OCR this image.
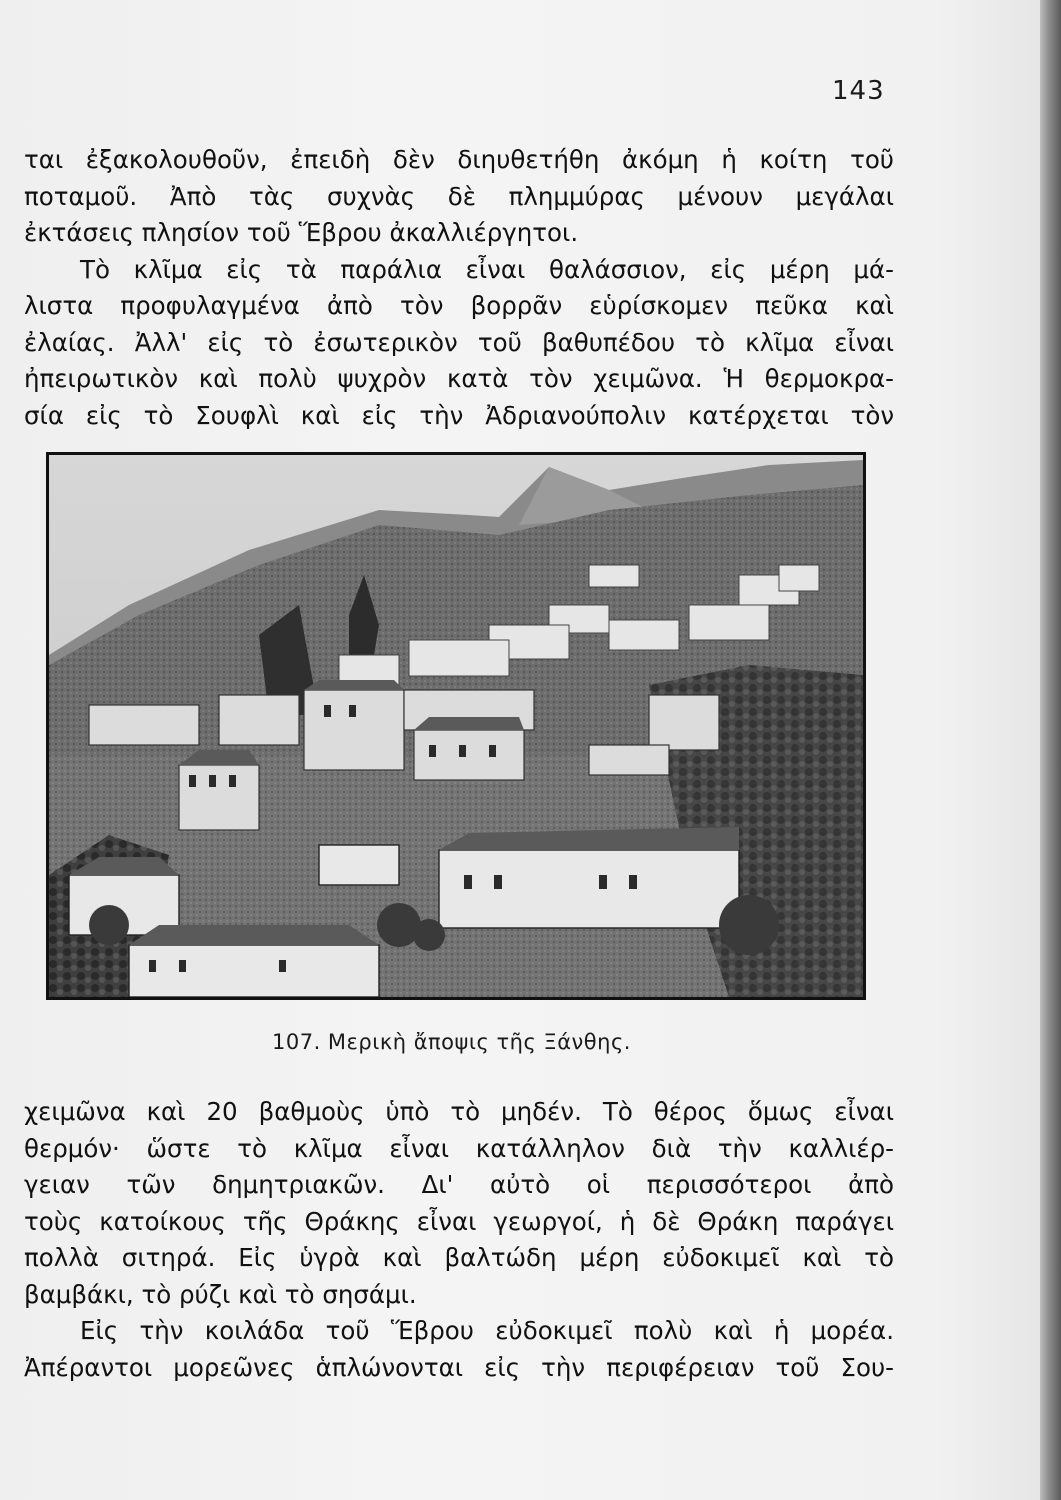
143
ται ἐξακολουθοῦν, ἐπειδὴ δὲν διηυθετήθη ἀκόμη ἡ κοίτη τοῦ
ποταμοῦ. Ἀπὸ τὰς συχνὰς δὲ πλημμύρας μένουν μεγάλαι
ἐκτάσεις πλησίον τοῦ Ἕβρου ἀκαλλιέργητοι.
Τὸ κλῖμα εἰς τὰ παράλια εἶναι θαλάσσιον, εἰς μέρη μά-
λιστα προφυλαγμένα ἀπὸ τὸν βορρᾶν εὑρίσκομεν πεῦκα καὶ
ἐλαίας. Ἀλλ' εἰς τὸ ἐσωτερικὸν τοῦ βαθυπέδου τὸ κλῖμα εἶναι
ἠπειρωτικὸν καὶ πολὺ ψυχρὸν κατὰ τὸν χειμῶνα. Ἡ θερμοκρα-
σία εἰς τὸ Σουφλὶ καὶ εἰς τὴν Ἀδριανούπολιν κατέρχεται τὸν
107. Μερικὴ ἄποψις τῆς Ξάνθης.
χειμῶνα καὶ 20 βαθμοὺς ὑπὸ τὸ μηδέν. Τὸ θέρος ὅμως εἶναι
θερμόν· ὥστε τὸ κλῖμα εἶναι κατάλληλον διὰ τὴν καλλιέρ-
γειαν τῶν δημητριακῶν. Δι' αὐτὸ οἱ περισσότεροι ἀπὸ
τοὺς κατοίκους τῆς Θράκης εἶναι γεωργοί, ἡ δὲ Θράκη παράγει
πολλὰ σιτηρά. Εἰς ὑγρὰ καὶ βαλτώδη μέρη εὐδοκιμεῖ καὶ τὸ
βαμβάκι, τὸ ρύζι καὶ τὸ σησάμι.
Εἰς τὴν κοιλάδα τοῦ Ἕβρου εὐδοκιμεῖ πολὺ καὶ ἡ μορέα.
Ἀπέραντοι μορεῶνες ἁπλώνονται εἰς τὴν περιφέρειαν τοῦ Σου-
